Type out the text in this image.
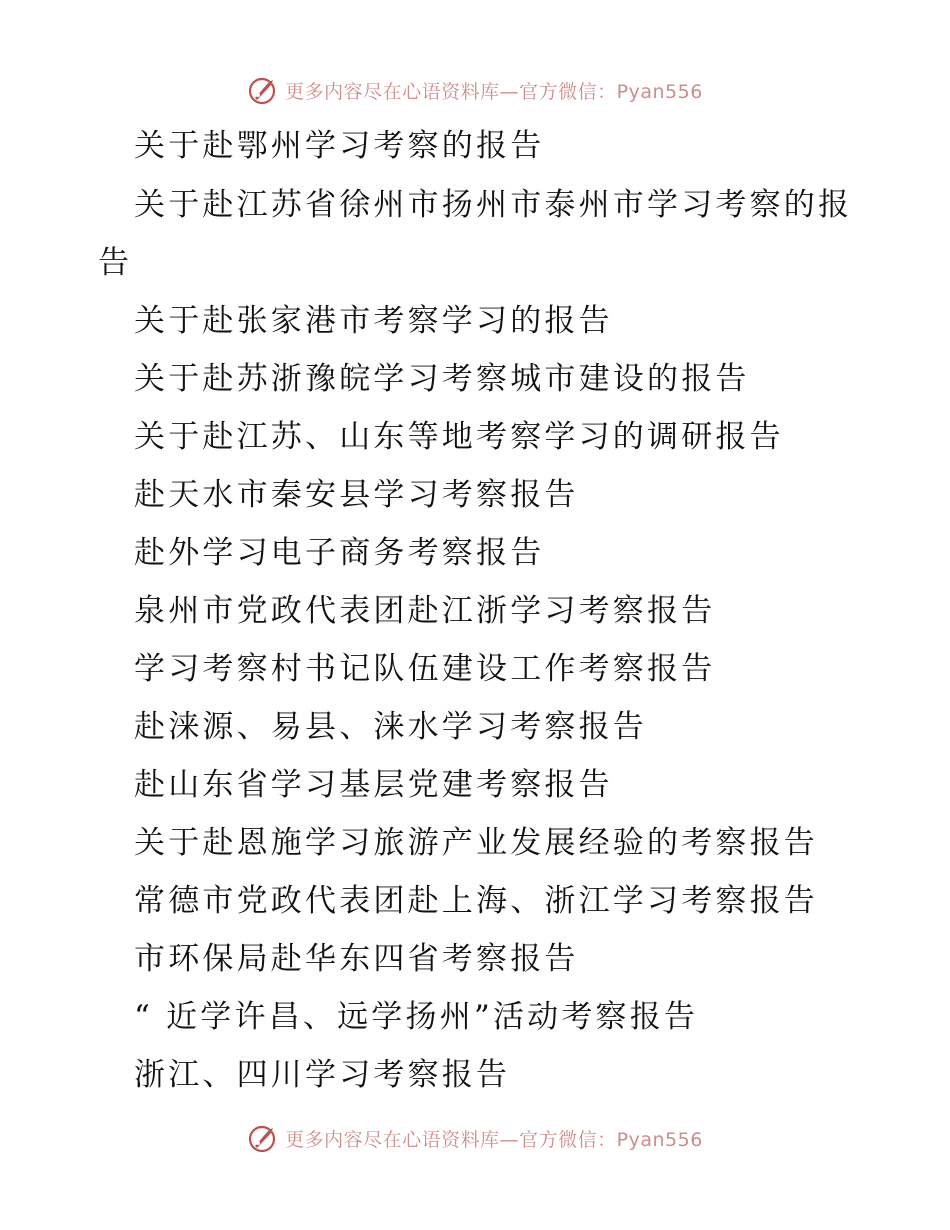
更多内容尽在心语资料库—官方微信：Pyan556
关于赴鄂州学习考察的报告
关于赴江苏省徐州市扬州市泰州市学习考察的报
告
关于赴张家港市考察学习的报告
关于赴苏浙豫皖学习考察城市建设的报告
关于赴江苏、山东等地考察学习的调研报告
赴天水市秦安县学习考察报告
赴外学习电子商务考察报告
泉州市党政代表团赴江浙学习考察报告
学习考察村书记队伍建设工作考察报告
赴涞源、易县、涞水学习考察报告
赴山东省学习基层党建考察报告
关于赴恩施学习旅游产业发展经验的考察报告
常德市党政代表团赴上海、浙江学习考察报告
市环保局赴华东四省考察报告
“ 近学许昌、远学扬州”活动考察报告
浙江、四川学习考察报告
更多内容尽在心语资料库—官方微信：Pyan556
